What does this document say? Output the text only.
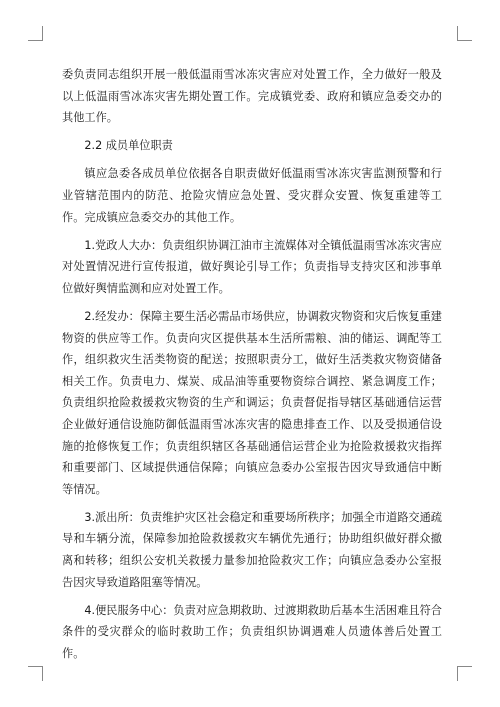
委负责同志组织开展一般低温雨雪冰冻灾害应对处置工作，全力做好一般及以上低温雨雪冰冻灾害先期处置工作。完成镇党委、政府和镇应急委交办的其他工作。

2.2 成员单位职责

镇应急委各成员单位依据各自职责做好低温雨雪冰冻灾害监测预警和行业管辖范围内的防范、抢险灾情应急处置、受灾群众安置、恢复重建等工作。完成镇应急委交办的其他工作。

1.党政人大办：负责组织协调江油市主流媒体对全镇低温雨雪冰冻灾害应对处置情况进行宣传报道，做好舆论引导工作；负责指导支持灾区和涉事单位做好舆情监测和应对处置工作。

2.经发办：保障主要生活必需品市场供应，协调救灾物资和灾后恢复重建物资的供应等工作。负责向灾区提供基本生活所需粮、油的储运、调配等工作，组织救灾生活类物资的配送；按照职责分工，做好生活类救灾物资储备相关工作。负责电力、煤炭、成品油等重要物资综合调控、紧急调度工作；负责组织抢险救援救灾物资的生产和调运；负责督促指导辖区基础通信运营企业做好通信设施防御低温雨雪冰冻灾害的隐患排查工作、以及受损通信设施的抢修恢复工作；负责组织辖区各基础通信运营企业为抢险救援救灾指挥和重要部门、区域提供通信保障；向镇应急委办公室报告因灾导致通信中断等情况。

3.派出所：负责维护灾区社会稳定和重要场所秩序；加强全市道路交通疏导和车辆分流，保障参加抢险救援救灾车辆优先通行；协助组织做好群众撤离和转移；组织公安机关救援力量参加抢险救灾工作；向镇应急委办公室报告因灾导致道路阻塞等情况。

4.便民服务中心：负责对应急期救助、过渡期救助后基本生活困难且符合条件的受灾群众的临时救助工作；负责组织协调遇难人员遗体善后处置工作。
